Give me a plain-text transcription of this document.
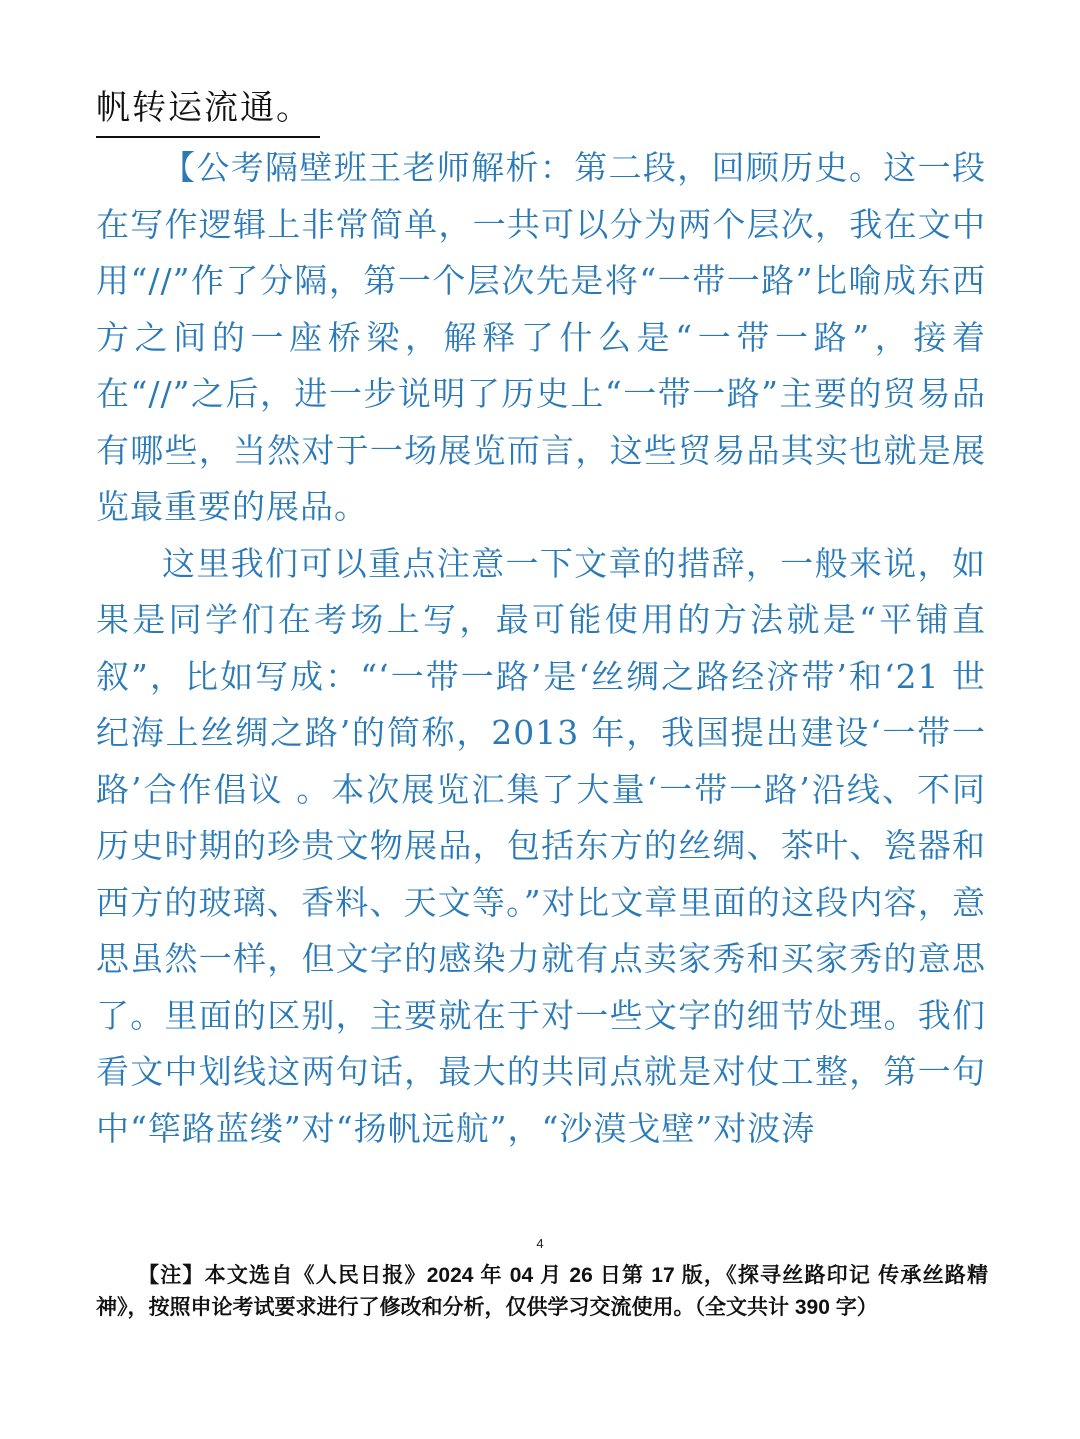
帆转运流通。

【公考隔壁班王老师解析：第二段，回顾历史。这一段在写作逻辑上非常简单，一共可以分为两个层次，我在文中用“//”作了分隔，第一个层次先是将“一带一路”比喻成东西方之间的一座桥梁，解释了什么是“一带一路”，接着在“//”之后，进一步说明了历史上“一带一路”主要的贸易品有哪些，当然对于一场展览而言，这些贸易品其实也就是展览最重要的展品。

这里我们可以重点注意一下文章的措辞，一般来说，如果是同学们在考场上写，最可能使用的方法就是“平铺直叙”，比如写成：“‘一带一路’是‘丝绸之路经济带’和‘21 世纪海上丝绸之路’的简称，2013 年，我国提出建设‘一带一路’合作倡议 。本次展览汇集了大量‘一带一路’沿线、不同历史时期的珍贵文物展品，包括东方的丝绸、茶叶、瓷器和西方的玻璃、香料、天文等。”对比文章里面的这段内容，意思虽然一样，但文字的感染力就有点卖家秀和买家秀的意思了。里面的区别，主要就在于对一些文字的细节处理。我们看文中划线这两句话，最大的共同点就是对仗工整，第一句中“筚路蓝缕”对“扬帆远航”，“沙漠戈壁”对波涛

4
【注】本文选自《人民日报》2024 年 04 月 26 日第 17 版，《探寻丝路印记 传承丝路精神》，按照申论考试要求进行了修改和分析，仅供学习交流使用。（全文共计 390 字）
